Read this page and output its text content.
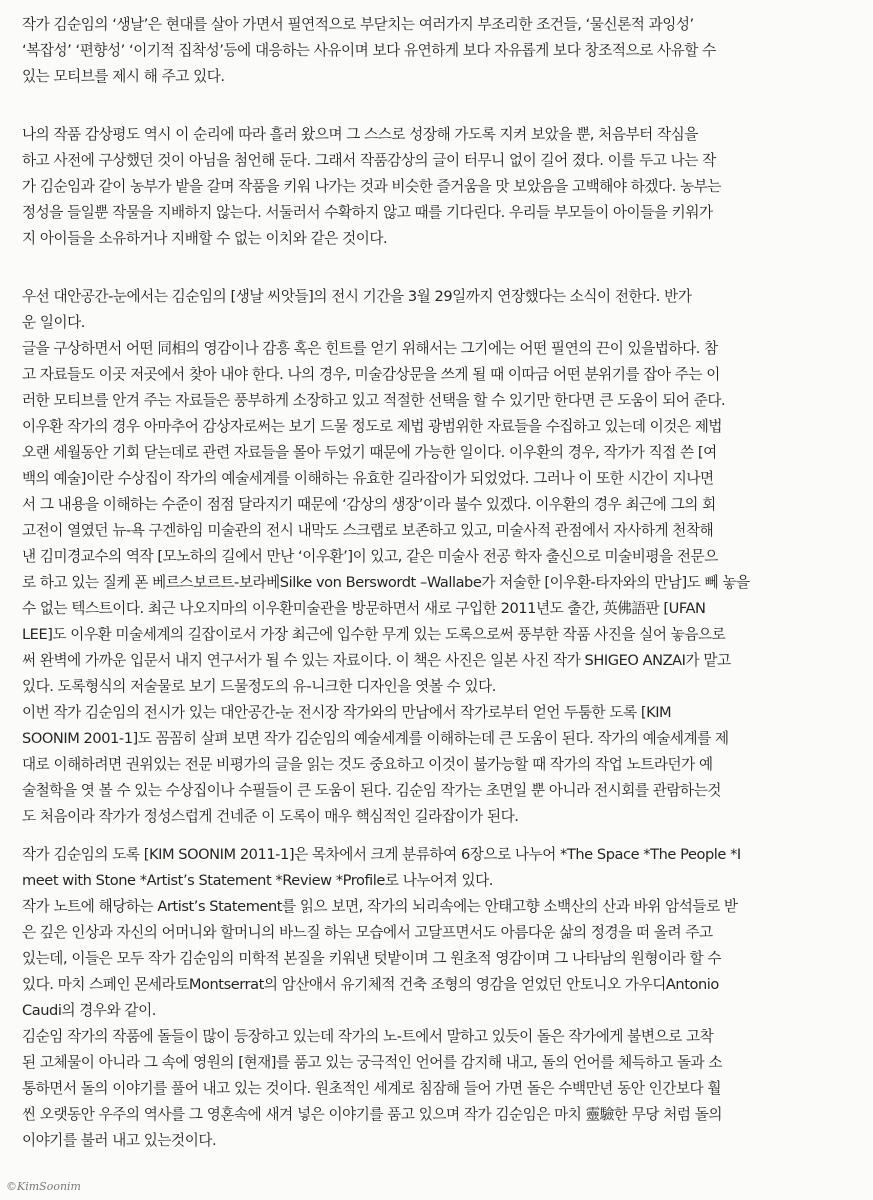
작가 김순임의 ‘생날’은 현대를 살아 가면서 필연적으로 부닫치는 여러가지 부조리한 조건들, ‘물신론적 과잉성’
‘복잡성’ ‘편향성’ ‘이기적 집착성’등에 대응하는 사유이며 보다 유연하게 보다 자유롭게 보다 창조적으로 사유할 수
있는 모티브를 제시 해 주고 있다.
나의 작품 감상평도 역시 이 순리에 따라 흘러 왔으며 그 스스로 성장해 가도록 지켜 보았을 뿐, 처음부터 작심을
하고 사전에 구상했던 것이 아님을 첨언해 둔다. 그래서 작품감상의 글이 터무니 없이 길어 졌다. 이를 두고 나는 작
가 김순임과 같이 농부가 밭을 갈며 작품을 키워 나가는 것과 비슷한 즐거움을 맛 보았음을 고백해야 하겠다. 농부는
정성을 들일뿐 작물을 지배하지 않는다. 서둘러서 수확하지 않고 때를 기다린다. 우리들 부모들이 아이들을 키워가
지 아이들을 소유하거나 지배할 수 없는 이치와 같은 것이다.
우선 대안공간-눈에서는 김순임의 [생날 씨앗들]의 전시 기간을 3월 29일까지 연장했다는 소식이 전한다. 반가
운 일이다.
글을 구상하면서 어떤 同相의 영감이나 감흥 혹은 힌트를 얻기 위해서는 그기에는 어떤 필연의 끈이 있을법하다. 참
고 자료들도 이곳 저곳에서 찾아 내야 한다. 나의 경우, 미술감상문을 쓰게 될 때 이따금 어떤 분위기를 잡아 주는 이
러한 모티브를 안겨 주는 자료들은 풍부하게 소장하고 있고 적절한 선택을 할 수 있기만 한다면 큰 도움이 되어 준다.
이우환 작가의 경우 아마추어 감상자로써는 보기 드물 정도로 제법 광범위한 자료들을 수집하고 있는데 이것은 제법
오랜 세월동안 기회 닫는데로 관련 자료들을 몰아 두었기 때문에 가능한 일이다. 이우환의 경우, 작가가 직접 쓴 [여
백의 예술]이란 수상집이 작가의 예술세계를 이해하는 유효한 길라잡이가 되었었다. 그러나 이 또한 시간이 지나면
서 그 내용을 이해하는 수준이 점점 달라지기 때문에 ‘감상의 생장’이라 불수 있겠다. 이우환의 경우 최근에 그의 회
고전이 열였던 뉴-욕 구겐하임 미술관의 전시 내막도 스크랩로 보존하고 있고, 미술사적 관점에서 자사하게 천착해
낸 김미경교수의 역작 [모노하의 길에서 만난 ‘이우환’]이 있고, 같은 미술사 전공 학자 출신으로 미술비평을 전문으
로 하고 있는 질케 폰 베르스보르트-보라베Silke von Berswordt –Wallabe가 저술한 [이우환-타자와의 만남]도 뻬 놓을
수 없는 텍스트이다. 최근 나오지마의 이우환미술관을 방문하면서 새로 구입한 2011년도 출간, 英佛語판 [UFAN
LEE]도 이우환 미술세계의 길잡이로서 가장 최근에 입수한 무게 있는 도록으로써 풍부한 작품 사진을 실어 놓음으로
써 완벽에 가까운 입문서 내지 연구서가 될 수 있는 자료이다. 이 책은 사진은 일본 사진 작가 SHIGEO ANZAI가 맡고
있다. 도록형식의 저술물로 보기 드물정도의 유-니크한 디자인을 엿볼 수 있다.
이번 작가 김순임의 전시가 있는 대안공간-눈 전시장 작가와의 만남에서 작가로부터 얻언 두툼한 도록 [KIM
SOONIM 2001-1]도 꼼꼼히 살펴 보면 작가 김순임의 예술세계를 이해하는데 큰 도움이 된다. 작가의 예술세계를 제
대로 이해하려면 권위있는 전문 비평가의 글을 읽는 것도 중요하고 이것이 불가능할 때 작가의 작업 노트라던가 예
술철학을 엿 볼 수 있는 수상집이나 수필들이 큰 도움이 된다. 김순임 작가는 초면일 뿐 아니라 전시회를 관람하는것
도 처음이라 작가가 정성스럽게 건네준 이 도록이 매우 핵심적인 길라잡이가 된다.
작가 김순임의 도록 [KIM SOONIM 2011-1]은 목차에서 크게 분류하여 6장으로 나누어 *The Space *The People *I
meet with Stone *Artist’s Statement *Review *Profile로 나누어져 있다.
작가 노트에 해당하는 Artist’s Statement를 읽으 보면, 작가의 뇌리속에는 안태고향 소백산의 산과 바위 암석들로 받
은 깊은 인상과 자신의 어머니와 할머니의 바느질 하는 모습에서 고달프면서도 아름다운 삶의 정경을 떠 올려 주고
있는데, 이들은 모두 작가 김순임의 미학적 본질을 키워낸 텃밭이며 그 원초적 영감이며 그 나타남의 원형이라 할 수
있다. 마치 스페인 몬세라토Montserrat의 암산애서 유기체적 건축 조형의 영감을 얻었던 안토니오 가우디Antonio
Caudi의 경우와 같이.
김순임 작가의 작품에 돌들이 많이 등장하고 있는데 작가의 노-트에서 말하고 있듯이 돌은 작가에게 불변으로 고착
된 고체물이 아니라 그 속에 영원의 [현재]를 품고 있는 궁극적인 언어를 감지해 내고, 돌의 언어를 체득하고 돌과 소
통하면서 돌의 이야기를 풀어 내고 있는 것이다. 원초적인 세계로 침잠해 들어 가면 돌은 수백만년 동안 인간보다 훨
씬 오랫동안 우주의 역사를 그 영혼속에 새겨 넣은 이야기를 품고 있으며 작가 김순임은 마치 靈驗한 무당 처럼 돌의
이야기를 불러 내고 있는것이다.
©KimSoonim
